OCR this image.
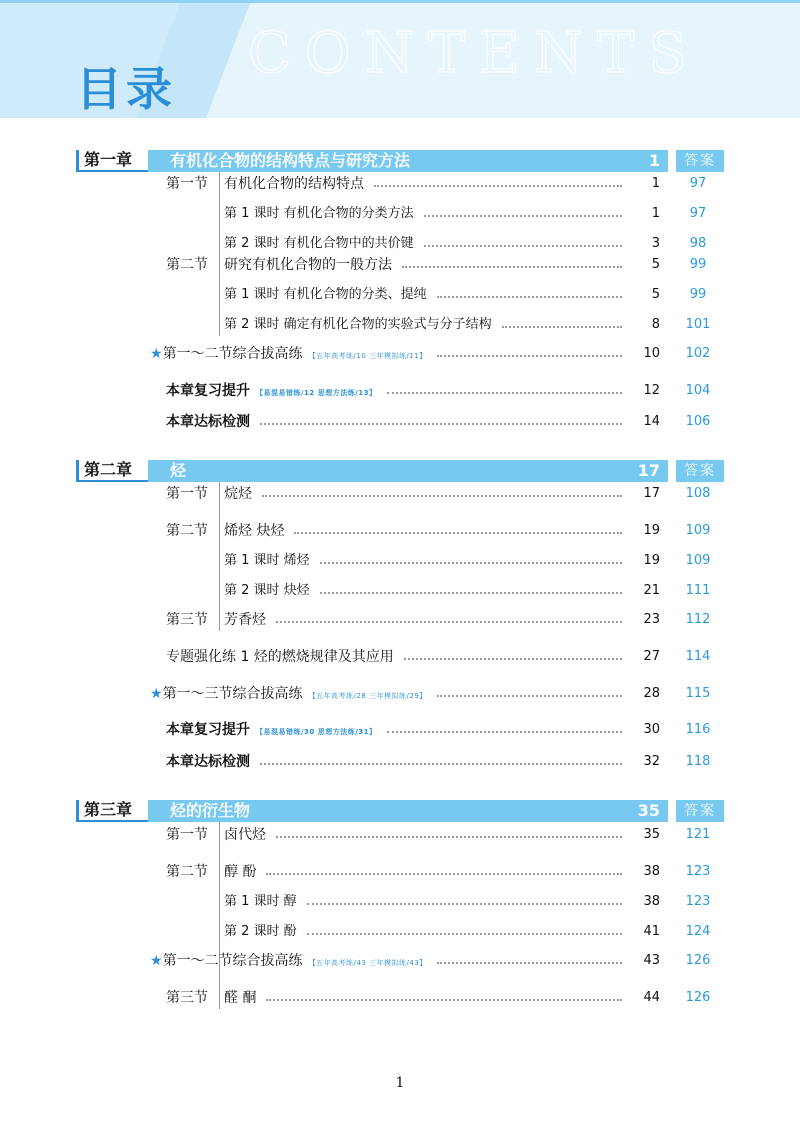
CONTENTS
目录
第一章	有机化合物的结构特点与研究方法	1	答案
第一节 有机化合物的结构特点	1	97
第 1 课时 有机化合物的分类方法	1	97
第 2 课时 有机化合物中的共价键	3	98
第二节 研究有机化合物的一般方法	5	99
第 1 课时 有机化合物的分类、提纯	5	99
第 2 课时 确定有机化合物的实验式与分子结构	8	101
★第一～二节综合拔高练 【五年高考练/10 三年模拟练/11】	10	102
本章复习提升 【易混易错练/12 思想方法练/13】	12	104
本章达标检测	14	106
第二章	烃	17	答案
第一节 烷烃	17	108
第二节 烯烃 炔烃	19	109
第 1 课时 烯烃	19	109
第 2 课时 炔烃	21	111
第三节 芳香烃	23	112
专题强化练 1 烃的燃烧规律及其应用	27	114
★第一～三节综合拔高练 【五年高考练/28 三年模拟练/29】	28	115
本章复习提升 【易混易错练/30 思想方法练/31】	30	116
本章达标检测	32	118
第三章	烃的衍生物	35	答案
第一节 卤代烃	35	121
第二节 醇 酚	38	123
第 1 课时 醇	38	123
第 2 课时 酚	41	124
★第一～二节综合拔高练 【五年高考练/43 三年模拟练/43】	43	126
第三节 醛 酮	44	126
1
